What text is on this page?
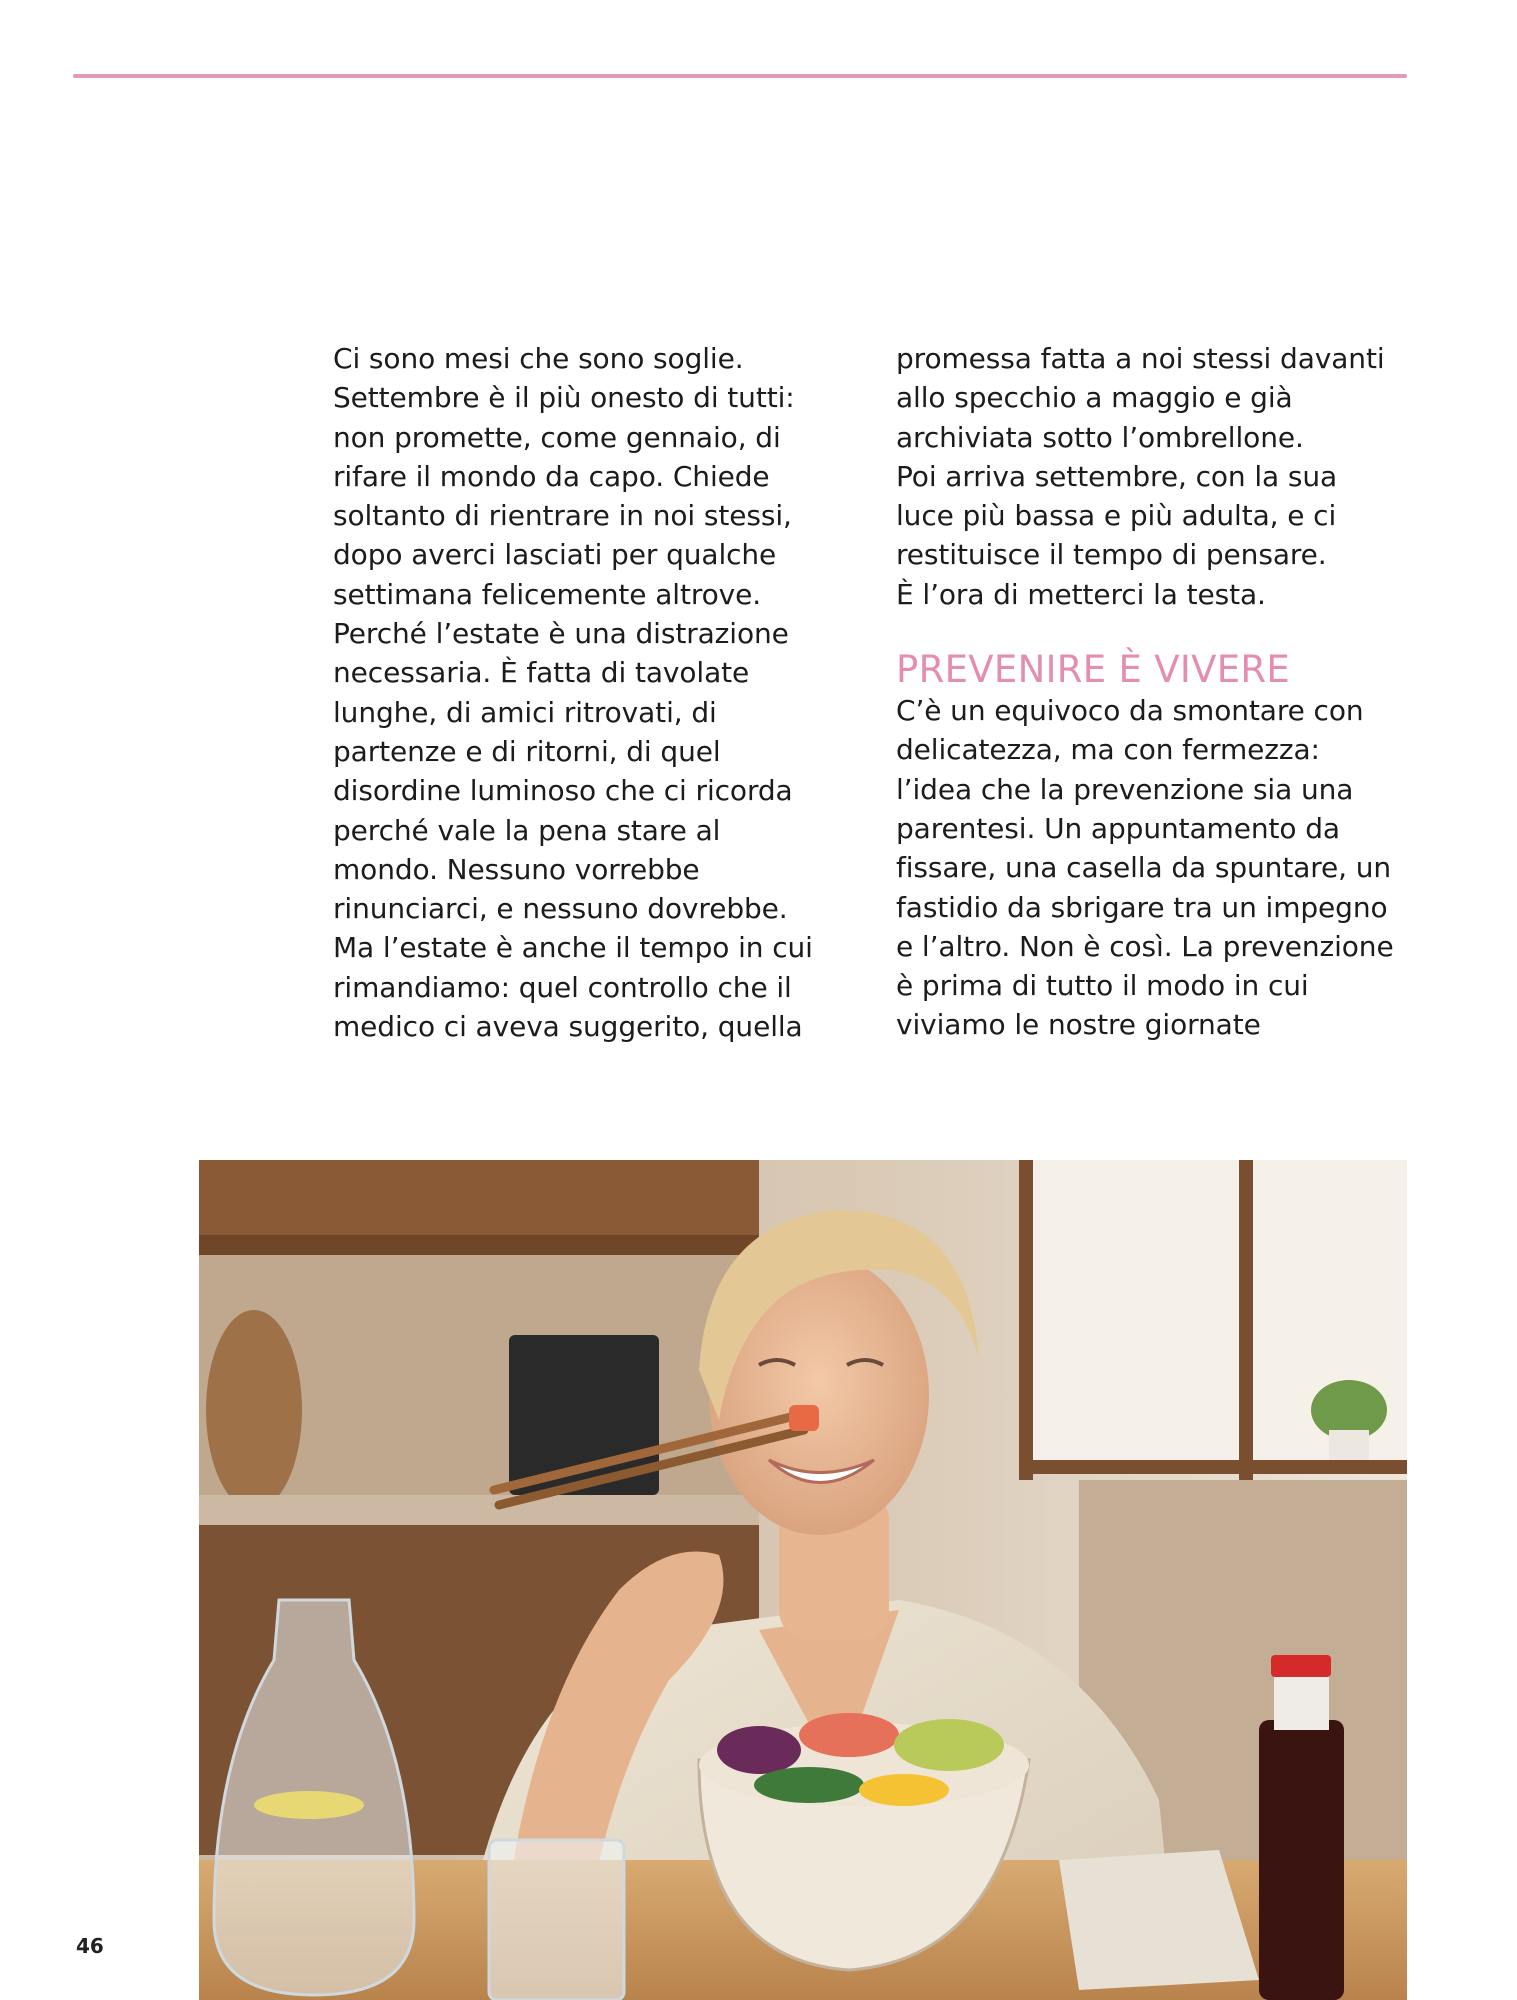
Ci sono mesi che sono soglie.
Settembre è il più onesto di tutti:
non promette, come gennaio, di
rifare il mondo da capo. Chiede
soltanto di rientrare in noi stessi,
dopo averci lasciati per qualche
settimana felicemente altrove.
Perché l’estate è una distrazione
necessaria. È fatta di tavolate
lunghe, di amici ritrovati, di
partenze e di ritorni, di quel
disordine luminoso che ci ricorda
perché vale la pena stare al
mondo. Nessuno vorrebbe
rinunciarci, e nessuno dovrebbe.
Ma l’estate è anche il tempo in cui
rimandiamo: quel controllo che il
medico ci aveva suggerito, quella

promessa fatta a noi stessi davanti
allo specchio a maggio e già
archiviata sotto l’ombrellone.
Poi arriva settembre, con la sua
luce più bassa e più adulta, e ci
restituisce il tempo di pensare.
È l’ora di metterci la testa.

PREVENIRE È VIVERE

C’è un equivoco da smontare con
delicatezza, ma con fermezza:
l’idea che la prevenzione sia una
parentesi. Un appuntamento da
fissare, una casella da spuntare, un
fastidio da sbrigare tra un impegno
e l’altro. Non è così. La prevenzione
è prima di tutto il modo in cui
viviamo le nostre giornate

46
